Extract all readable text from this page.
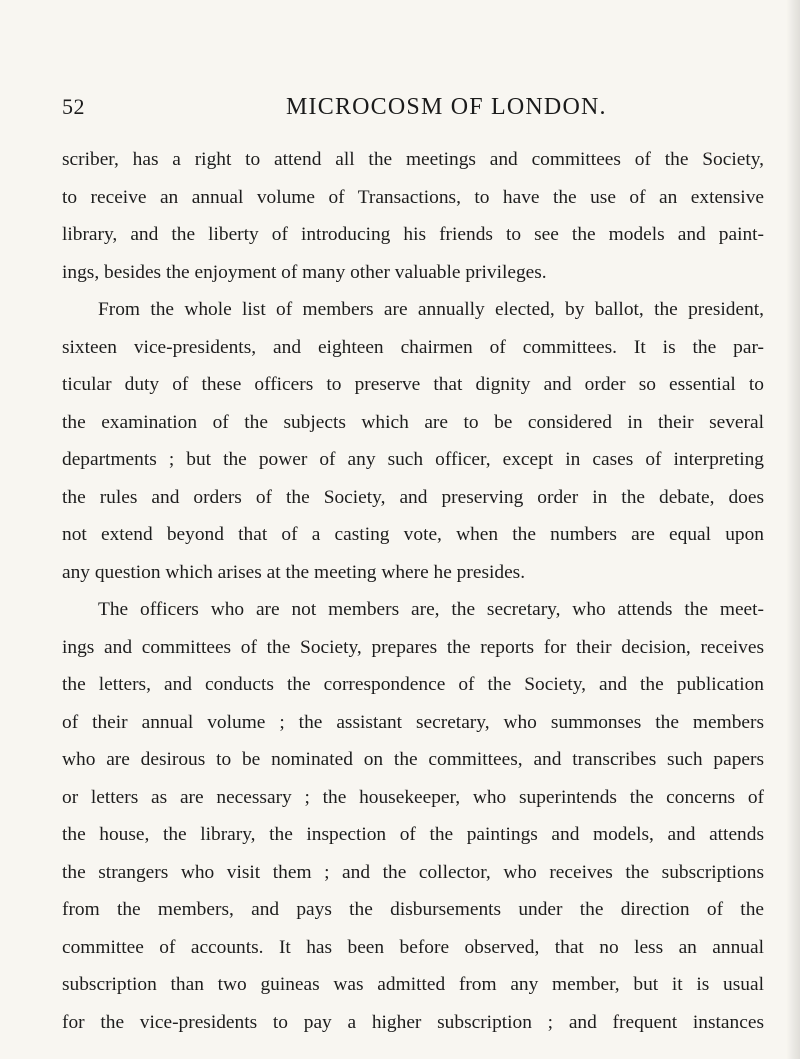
52	MICROCOSM OF LONDON.
scriber, has a right to attend all the meetings and committees of the Society,
to receive an annual volume of Transactions, to have the use of an extensive
library, and the liberty of introducing his friends to see the models and paint-
ings, besides the enjoyment of many other valuable privileges.
From the whole list of members are annually elected, by ballot, the president,
sixteen vice-presidents, and eighteen chairmen of committees. It is the par-
ticular duty of these officers to preserve that dignity and order so essential to
the examination of the subjects which are to be considered in their several
departments ; but the power of any such officer, except in cases of interpreting
the rules and orders of the Society, and preserving order in the debate, does
not extend beyond that of a casting vote, when the numbers are equal upon
any question which arises at the meeting where he presides.
The officers who are not members are, the secretary, who attends the meet-
ings and committees of the Society, prepares the reports for their decision, receives
the letters, and conducts the correspondence of the Society, and the publication
of their annual volume ; the assistant secretary, who summonses the members
who are desirous to be nominated on the committees, and transcribes such papers
or letters as are necessary ; the housekeeper, who superintends the concerns of
the house, the library, the inspection of the paintings and models, and attends
the strangers who visit them ; and the collector, who receives the subscriptions
from the members, and pays the disbursements under the direction of the
committee of accounts. It has been before observed, that no less an annual
subscription than two guineas was admitted from any member, but it is usual
for the vice-presidents to pay a higher subscription ; and frequent instances
